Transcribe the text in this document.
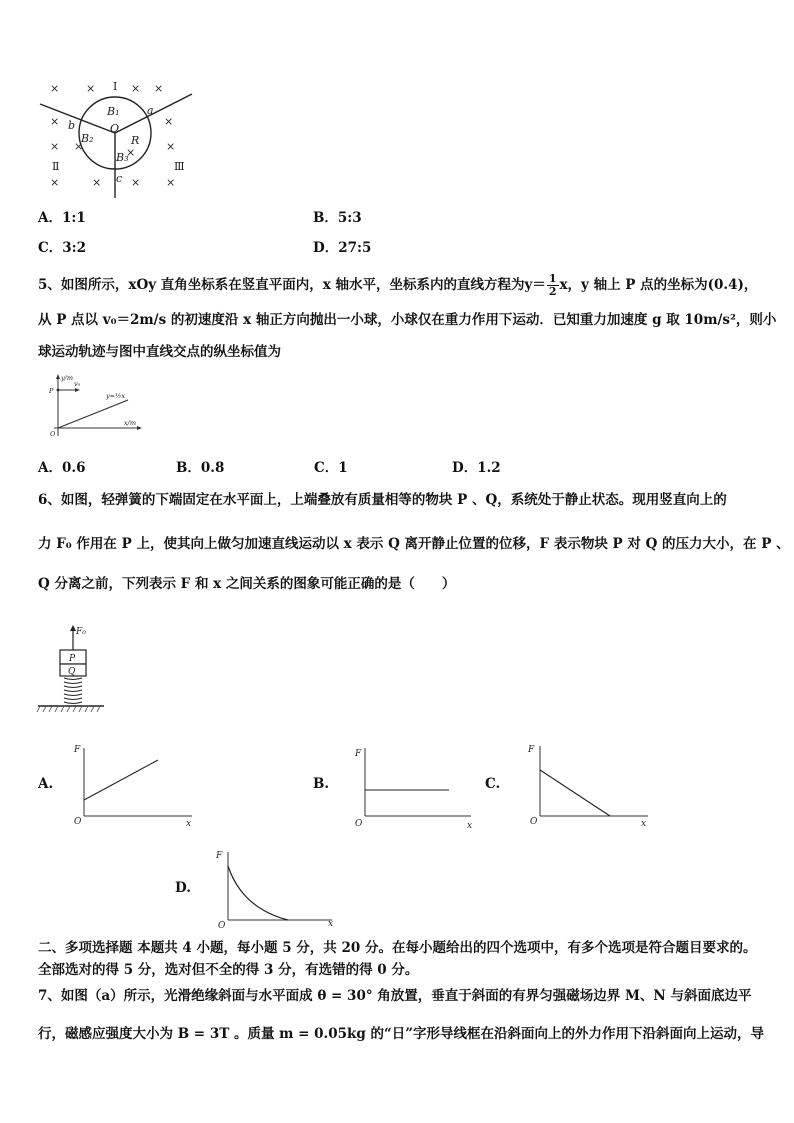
× ×	× ×
×	×
× ×	×	×
×	×	× ×
Ⅰ
Ⅱ	Ⅲ
a
b
c
O
R
B₁
B₂
B₃
A．1:1	B．5:3
C．3:2	D．27:5
5、如图所示，xOy 直角坐标系在竖直平面内，x 轴水平，坐标系内的直线方程为$y= \frac{1}{2}$ x，y 轴上 P 点的坐标为(0.4)，
从 P 点以 v₀＝2m/s 的初速度沿 x 轴正方向抛出一小球，小球仅在重力作用下运动．已知重力加速度 g 取 10m/s²，则小
球运动轨迹与图中直线交点的纵坐标值为
y/m
x/m
P
O
v₀
y=½x
A．0.6	B．0.8	C．1	D．1.2
6、如图，轻弹簧的下端固定在水平面上，上端叠放有质量相等的物块 P 、Q，系统处于静止状态。现用竖直向上的
力 F₀ 作用在 P 上，使其向上做匀加速直线运动以 x 表示 Q 离开静止位置的位移，F 表示物块 P 对 Q 的压力大小，在 P 、
Q 分离之前，下列表示 F 和 x 之间关系的图象可能正确的是（　　）
F₀
P
Q
A.
F
O	x
B.
F
O	x
C.
F
O	x
D.
F
O	x
二、多项选择题 本题共 4 小题，每小题 5 分，共 20 分。在每小题给出的四个选项中，有多个选项是符合题目要求的。
全部选对的得 5 分，选对但不全的得 3 分，有选错的得 0 分。
7、如图（a）所示，光滑绝缘斜面与水平面成 θ = 30° 角放置，垂直于斜面的有界匀强磁场边界 M、N 与斜面底边平
行，磁感应强度大小为 B = 3T 。质量 m = 0.05kg 的“日”字形导线框在沿斜面向上的外力作用下沿斜面向上运动，导
